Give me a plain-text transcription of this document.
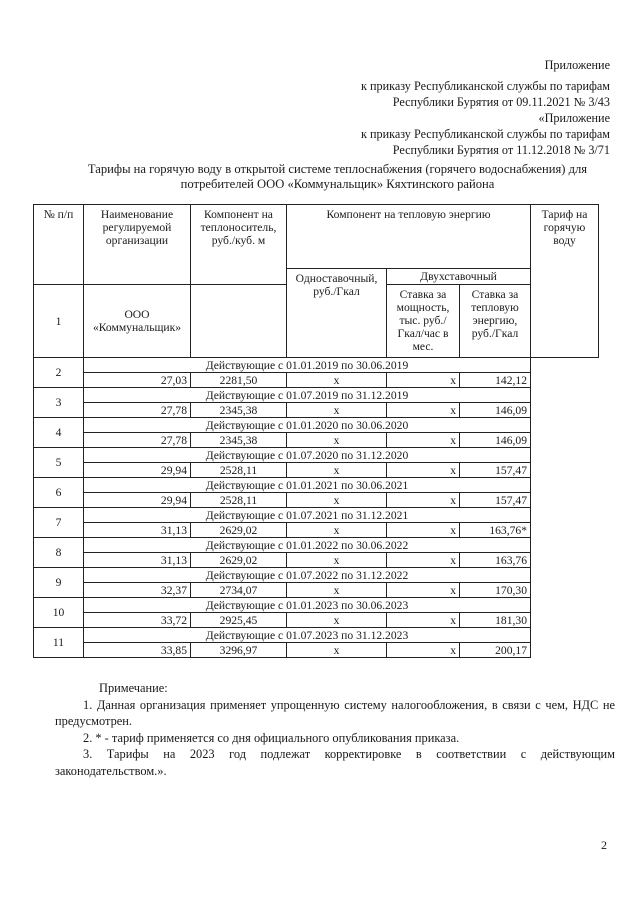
Приложение
к приказу Республиканской службы по тарифам
Республики Бурятия от 09.11.2021 № 3/43
«Приложение
к приказу Республиканской службы по тарифам
Республики Бурятия от 11.12.2018 № 3/71
Тарифы на горячую воду в открытой системе теплоснабжения (горячего водоснабжения) для потребителей ООО «Коммунальщик» Кяхтинского района
№ п/п	Наименование регулируемой организации	Компонент на теплоноситель, руб./куб. м	Компонент на тепловую энергию			Тариф на горячую воду
			Одноставочный, руб./Гкал	Двухставочный		
1	ООО «Коммунальщик»			Ставка за мощность, тыс. руб./Гкал/час в мес.	Ставка за тепловую энергию, руб./Гкал	
2	Действующие с 01.01.2019 по 30.06.2019					
	27,03	2281,50	x	x	142,12	
3	Действующие с 01.07.2019 по 31.12.2019					
	27,78	2345,38	x	x	146,09	
4	Действующие с 01.01.2020 по 30.06.2020					
	27,78	2345,38	x	x	146,09	
5	Действующие с 01.07.2020 по 31.12.2020					
	29,94	2528,11	x	x	157,47	
6	Действующие с 01.01.2021 по 30.06.2021					
	29,94	2528,11	x	x	157,47	
7	Действующие с 01.07.2021 по 31.12.2021					
	31,13	2629,02	x	x	163,76*	
8	Действующие с 01.01.2022 по 30.06.2022					
	31,13	2629,02	x	x	163,76	
9	Действующие с 01.07.2022 по 31.12.2022					
	32,37	2734,07	x	x	170,30	
10	Действующие с 01.01.2023 по 30.06.2023					
	33,72	2925,45	x	x	181,30	
11	Действующие с 01.07.2023 по 31.12.2023					
	33,85	3296,97	x	x	200,17	

Примечание:

1. Данная организация применяет упрощенную систему налогообложения, в связи с чем, НДС не предусмотрен.

2. * - тариф применяется со дня официального опубликования приказа.

3. Тарифы на 2023 год подлежат корректировке в соответствии с действующим законодательством.».

2
